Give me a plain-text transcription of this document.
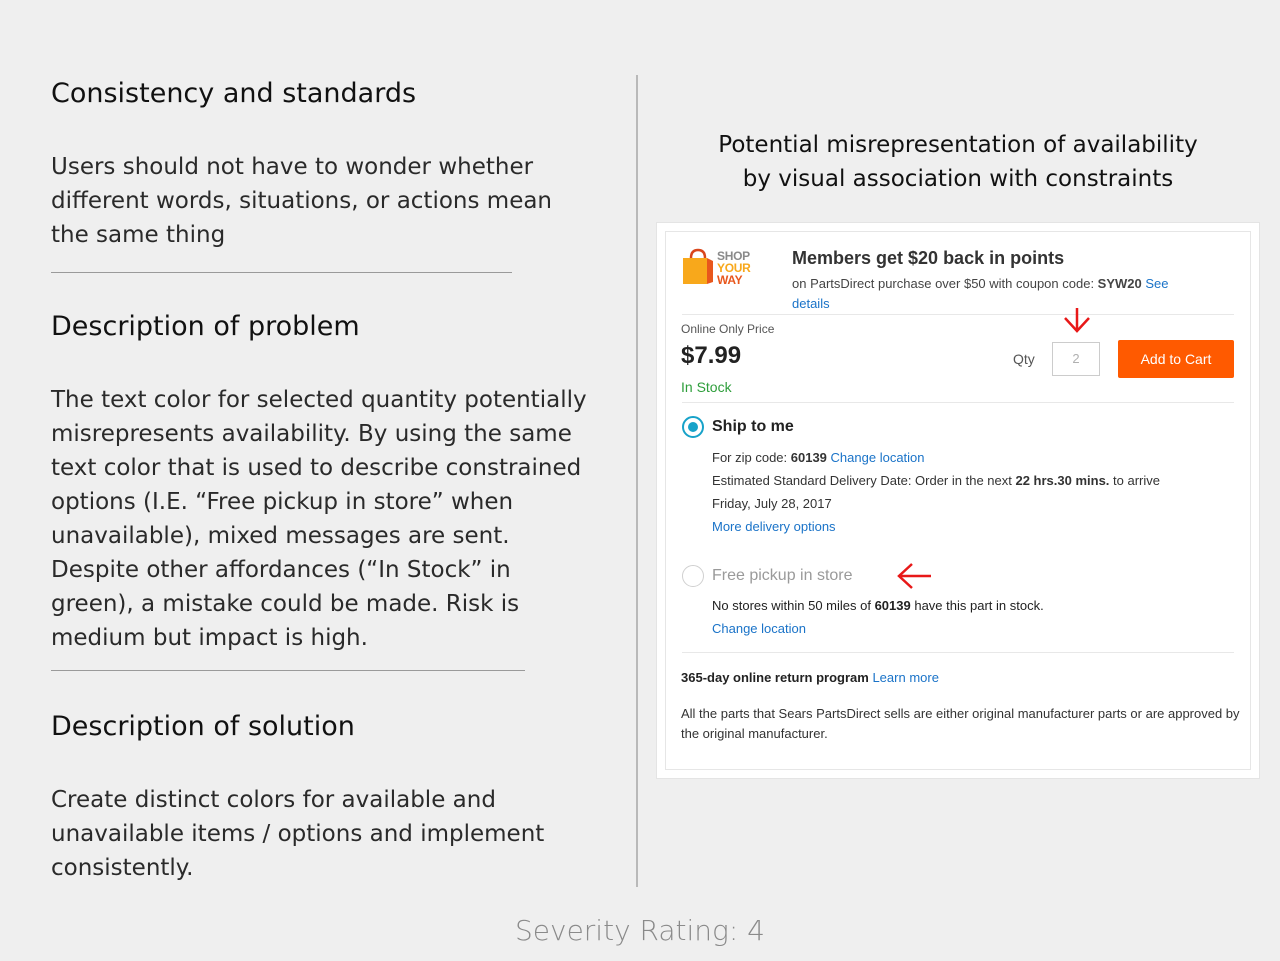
Consistency and standards
Users should not have to wonder whether different words, situations, or actions mean the same thing
Description of problem
The text color for selected quantity potentially misrepresents availability. By using the same text color that is used to describe constrained options (I.E. “Free pickup in store” when unavailable), mixed messages are sent. Despite other affordances (“In Stock” in green), a mistake could be made. Risk is medium but impact is high.
Description of solution
Create distinct colors for available and unavailable items / options and implement consistently.
Potential misrepresentation of availability
by visual association with constraints
SHOP
YOUR
WAY
Members get $20 back in points
on PartsDirect purchase over $50 with coupon code: SYW20 See
details
Online Only Price
$7.99
In Stock
Qty	2	Add to Cart
Ship to me
For zip code: 60139 Change location
Estimated Standard Delivery Date: Order in the next 22 hrs.30 mins. to arrive
Friday, July 28, 2017
More delivery options
Free pickup in store
No stores within 50 miles of 60139 have this part in stock.
Change location
365-day online return program Learn more
All the parts that Sears PartsDirect sells are either original manufacturer parts or are approved by the original manufacturer.
Severity Rating: 4
